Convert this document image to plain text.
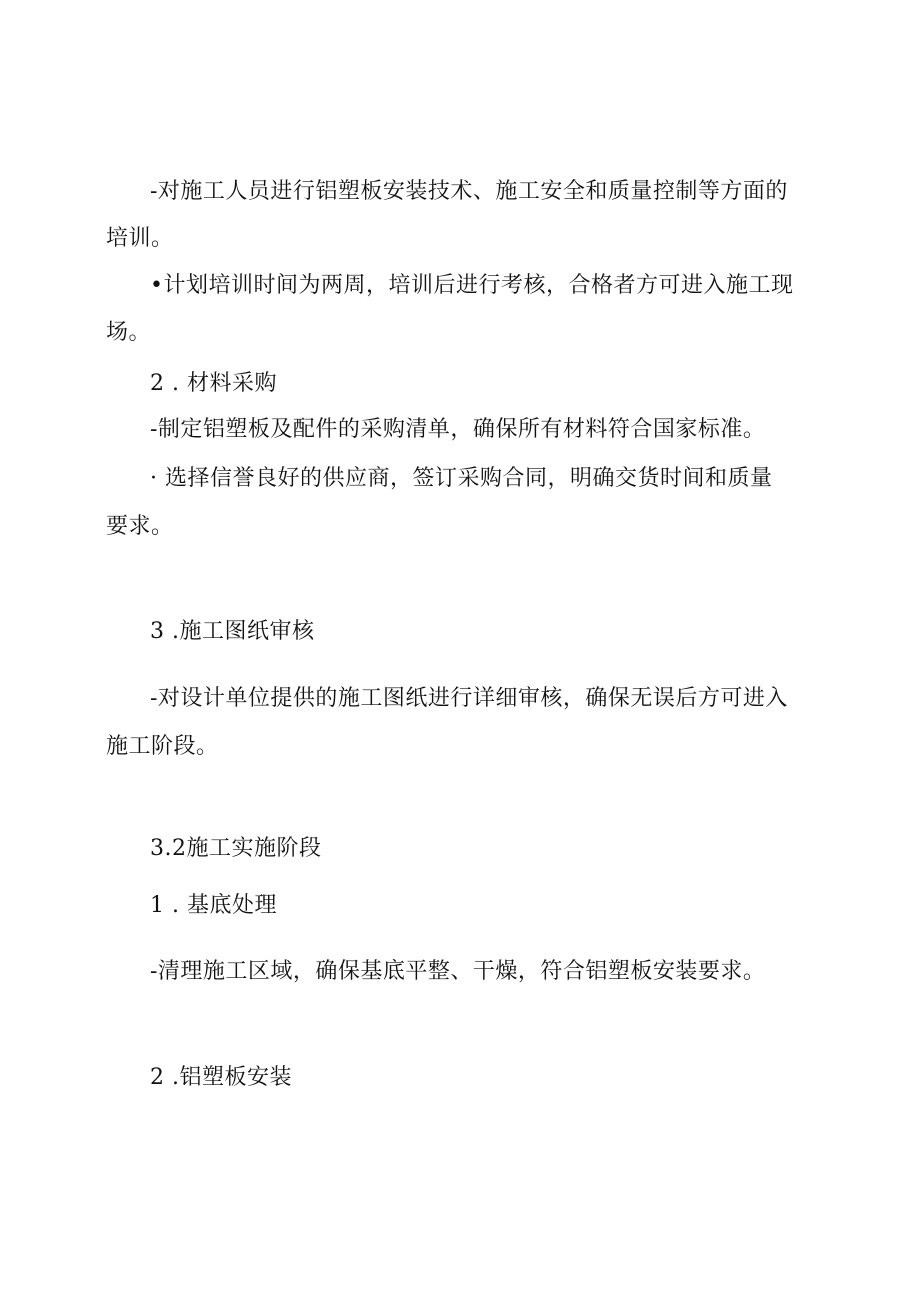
-对施工人员进行铝塑板安装技术、施工安全和质量控制等方面的
培训。
•计划培训时间为两周，培训后进行考核，合格者方可进入施工现
场。
2 . 材料采购
-制定铝塑板及配件的采购清单，确保所有材料符合国家标准。
· 选择信誉良好的供应商，签订采购合同，明确交货时间和质量
要求。
3 .施工图纸审核
-对设计单位提供的施工图纸进行详细审核，确保无误后方可进入
施工阶段。
3.2施工实施阶段
1 . 基底处理
-清理施工区域，确保基底平整、干燥，符合铝塑板安装要求。
2 .铝塑板安装
